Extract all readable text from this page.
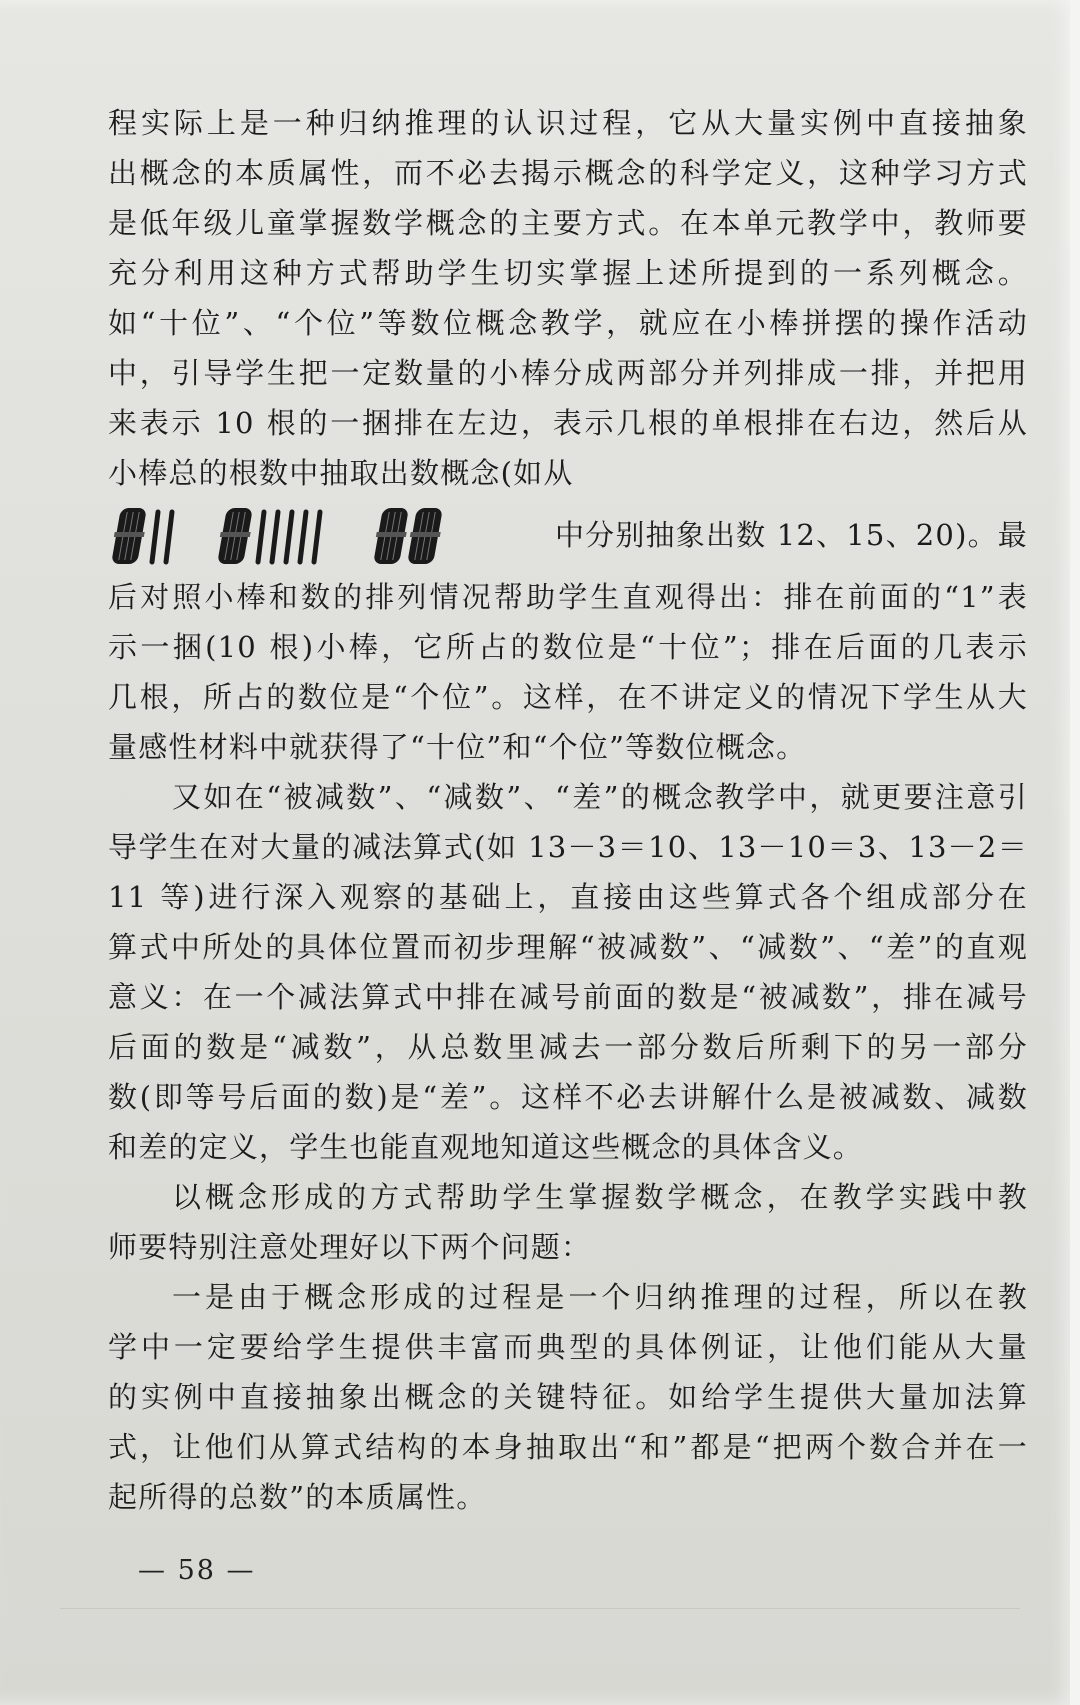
程实际上是一种归纳推理的认识过程，它从大量实例中直接抽象
出概念的本质属性，而不必去揭示概念的科学定义，这种学习方式
是低年级儿童掌握数学概念的主要方式。在本单元教学中，教师要
充分利用这种方式帮助学生切实掌握上述所提到的一系列概念。
如“十位”、“个位”等数位概念教学，就应在小棒拼摆的操作活动
中，引导学生把一定数量的小棒分成两部分并列排成一排，并把用
来表示 10 根的一捆排在左边，表示几根的单根排在右边，然后从
小棒总的根数中抽取出数概念(如从
中分别抽象出数 12、15、20)。最
后对照小棒和数的排列情况帮助学生直观得出：排在前面的“1”表
示一捆(10 根)小棒，它所占的数位是“十位”；排在后面的几表示
几根，所占的数位是“个位”。这样，在不讲定义的情况下学生从大
量感性材料中就获得了“十位”和“个位”等数位概念。
又如在“被减数”、“减数”、“差”的概念教学中，就更要注意引
导学生在对大量的减法算式(如 13－3＝10、13－10＝3、13－2＝
11 等)进行深入观察的基础上，直接由这些算式各个组成部分在
算式中所处的具体位置而初步理解“被减数”、“减数”、“差”的直观
意义：在一个减法算式中排在减号前面的数是“被减数”，排在减号
后面的数是“减数”，从总数里减去一部分数后所剩下的另一部分
数(即等号后面的数)是“差”。这样不必去讲解什么是被减数、减数
和差的定义，学生也能直观地知道这些概念的具体含义。
以概念形成的方式帮助学生掌握数学概念，在教学实践中教
师要特别注意处理好以下两个问题：
一是由于概念形成的过程是一个归纳推理的过程，所以在教
学中一定要给学生提供丰富而典型的具体例证，让他们能从大量
的实例中直接抽象出概念的关键特征。如给学生提供大量加法算
式，让他们从算式结构的本身抽取出“和”都是“把两个数合并在一
起所得的总数”的本质属性。
— 58 —
